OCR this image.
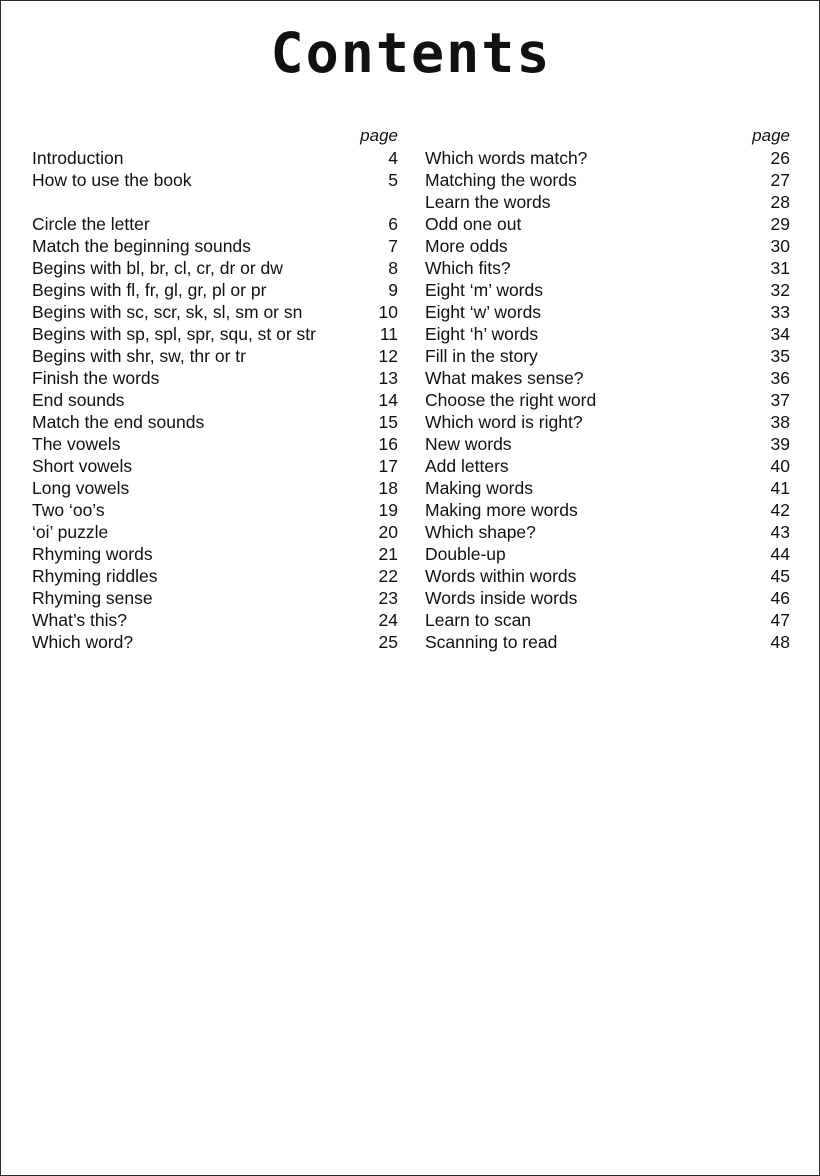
Contents
page
Introduction	4
How to use the book	5
Circle the letter	6
Match the beginning sounds	7
Begins with bl, br, cl, cr, dr or dw	8
Begins with fl, fr, gl, gr, pl or pr	9
Begins with sc, scr, sk, sl, sm or sn	10
Begins with sp, spl, spr, squ, st or str	11
Begins with shr, sw, thr or tr	12
Finish the words	13
End sounds	14
Match the end sounds	15
The vowels	16
Short vowels	17
Long vowels	18
Two ‘oo’s	19
‘oi’ puzzle	20
Rhyming words	21
Rhyming riddles	22
Rhyming sense	23
What’s this?	24
Which word?	25
page
Which words match?	26
Matching the words	27
Learn the words	28
Odd one out	29
More odds	30
Which fits?	31
Eight ‘m’ words	32
Eight ‘w’ words	33
Eight ‘h’ words	34
Fill in the story	35
What makes sense?	36
Choose the right word	37
Which word is right?	38
New words	39
Add letters	40
Making words	41
Making more words	42
Which shape?	43
Double-up	44
Words within words	45
Words inside words	46
Learn to scan	47
Scanning to read	48
